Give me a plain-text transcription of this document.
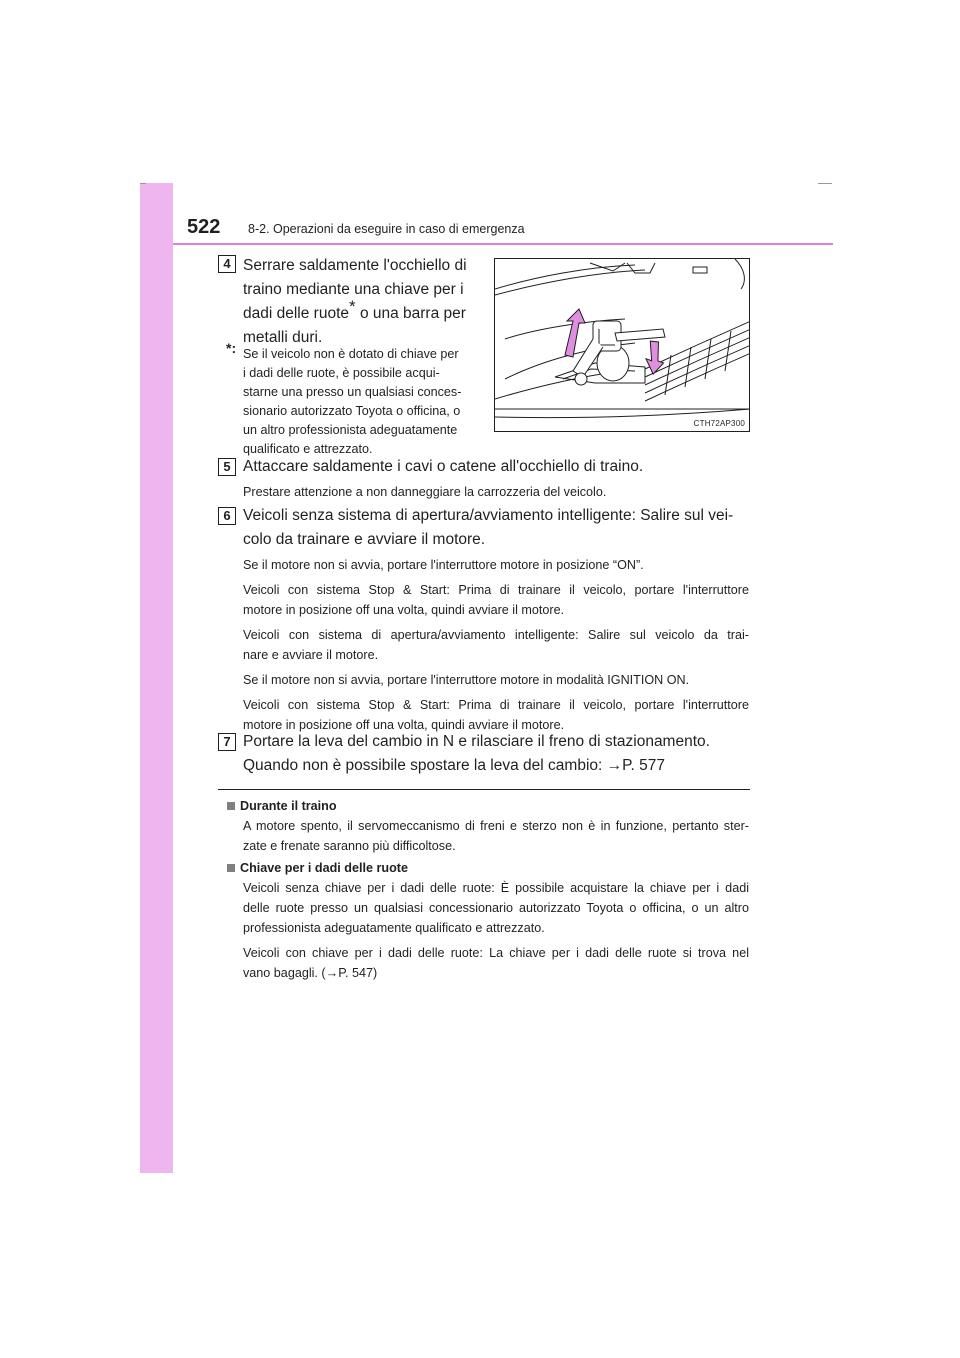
522 8-2. Operazioni da eseguire in caso di emergenza
4 Serrare saldamente l'occhiello di
traino mediante una chiave per i
dadi delle ruote* o una barra per
metalli duri.
*: Se il veicolo non è dotato di chiave per
i dadi delle ruote, è possibile acqui-
starne una presso un qualsiasi conces-
sionario autorizzato Toyota o officina, o
un altro professionista adeguatamente
qualificato e attrezzato.
CTH72AP300
5 Attaccare saldamente i cavi o catene all'occhiello di traino.
Prestare attenzione a non danneggiare la carrozzeria del veicolo.
6 Veicoli senza sistema di apertura/avviamento intelligente: Salire sul vei-
colo da trainare e avviare il motore.
Se il motore non si avvia, portare l'interruttore motore in posizione “ON”.
Veicoli con sistema Stop & Start: Prima di trainare il veicolo, portare l'interruttore
motore in posizione off una volta, quindi avviare il motore.
Veicoli con sistema di apertura/avviamento intelligente: Salire sul veicolo da trai-
nare e avviare il motore.
Se il motore non si avvia, portare l'interruttore motore in modalità IGNITION ON.
Veicoli con sistema Stop & Start: Prima di trainare il veicolo, portare l'interruttore
motore in posizione off una volta, quindi avviare il motore.
7 Portare la leva del cambio in N e rilasciare il freno di stazionamento.
Quando non è possibile spostare la leva del cambio: →P. 577
Durante il traino
A motore spento, il servomeccanismo di freni e sterzo non è in funzione, pertanto ster-
zate e frenate saranno più difficoltose.
Chiave per i dadi delle ruote
Veicoli senza chiave per i dadi delle ruote: È possibile acquistare la chiave per i dadi
delle ruote presso un qualsiasi concessionario autorizzato Toyota o officina, o un altro
professionista adeguatamente qualificato e attrezzato.
Veicoli con chiave per i dadi delle ruote: La chiave per i dadi delle ruote si trova nel
vano bagagli. (→P. 547)
